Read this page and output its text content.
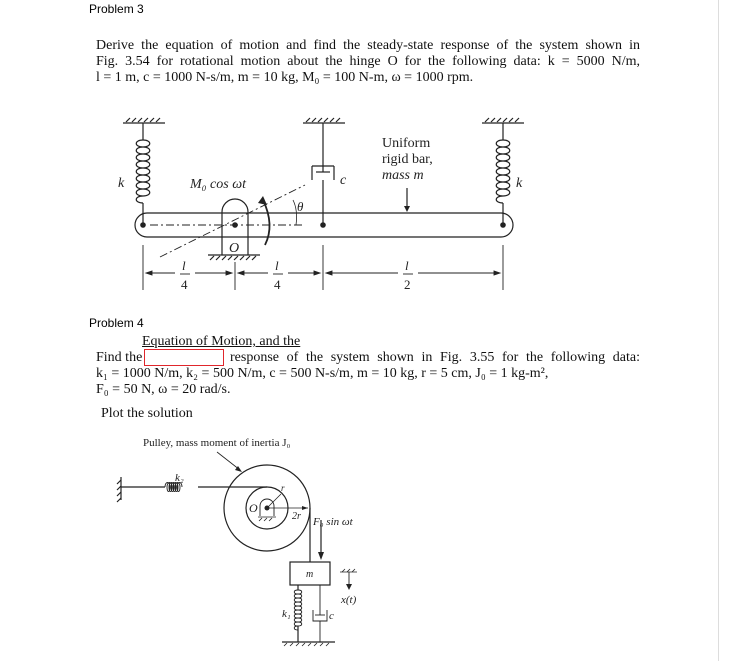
Problem 3
Derive the equation of motion and find the steady-state response of the system shown in
Fig. 3.54 for rotational motion about the hinge O for the following data: k = 5000 N/m,
l = 1 m, c = 1000 N-s/m, m = 10 kg, M₀ = 100 N-m, ω = 1000 rpm.
Uniform
rigid bar,
mass m
k	k
M₀ cos ωt	c
θ
O
l
4
l
4
l
2
Pulley, mass moment of inertia J₀
k₂
r
2r
O
F₀ sin ωt
m
x(t)
k₁	c
Problem 4
Equation of Motion, and the
Find the	response of the system shown in Fig. 3.55 for the following data:
k₁ = 1000 N/m, k₂ = 500 N/m, c = 500 N-s/m, m = 10 kg, r = 5 cm, J₀ = 1 kg-m²,
F₀ = 50 N, ω = 20 rad/s.
Plot the solution
